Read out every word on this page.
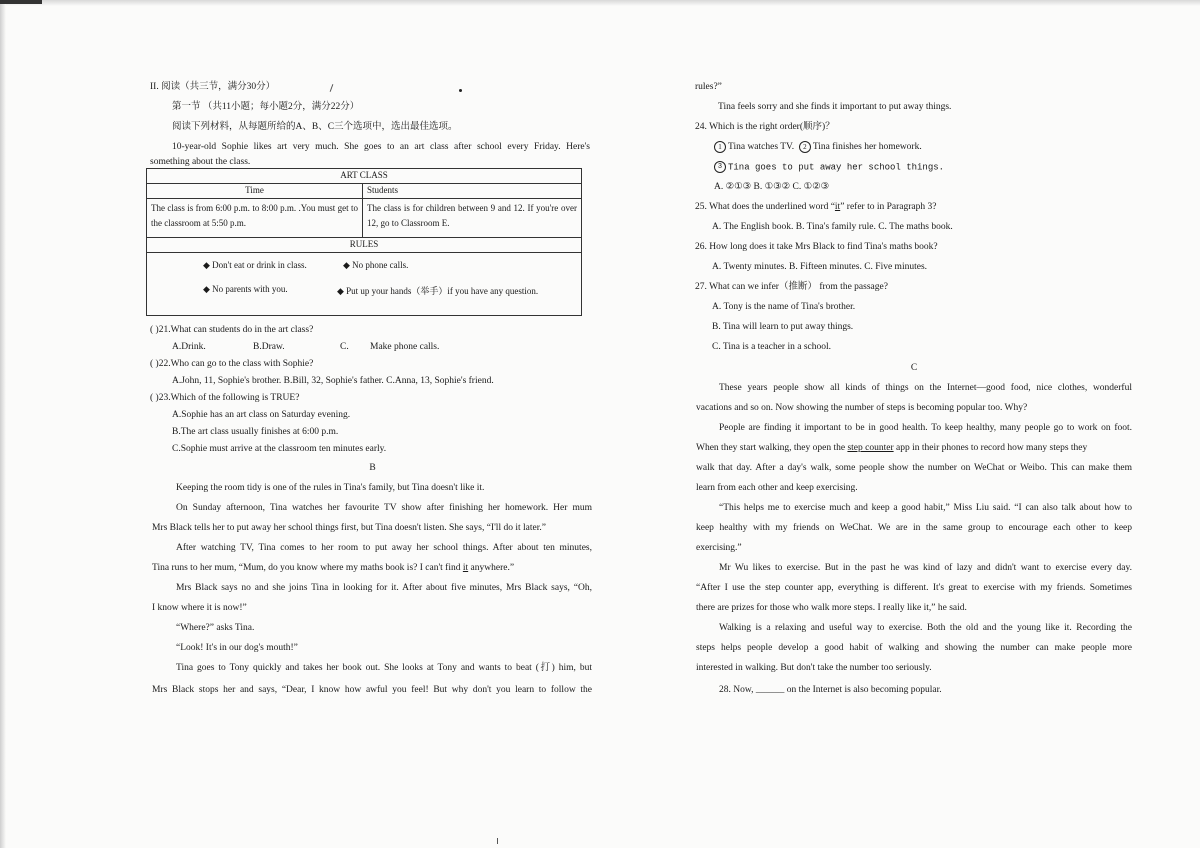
II. 阅读（共三节，满分30分）
第一节 （共11小题；每小题2分，满分22分）
阅读下列材料，从每题所给的A、B、C三个选项中，选出最佳选项。
10-year-old Sophie likes art very much. She goes to an art class after school every Friday. Here's
something about the class.
ART CLASS	
Time	Students
The class is from 6:00 p.m. to 8:00 p.m. .You must get to the classroom at 5:50 p.m.	The class is for children between 9 and 12. If you're over 12, go to Classroom E.
RULES	

◆ Don't eat or drink in class. ◆ No phone calls.
◆ No parents with you. ◆ Put up your hands（举手）if you have any question.	
( )21.What can students do in the art class?
A.Drink.	B.Draw.	C. Make phone calls.
( )22.Who can go to the class with Sophie?
A.John, 11, Sophie's brother. B.Bill, 32, Sophie's father. C.Anna, 13, Sophie's friend.
( )23.Which of the following is TRUE?
A.Sophie has an art class on Saturday evening.
B.The art class usually finishes at 6:00 p.m.
C.Sophie must arrive at the classroom ten minutes early.
B
Keeping the room tidy is one of the rules in Tina's family, but Tina doesn't like it.
On Sunday afternoon, Tina watches her favourite TV show after finishing her homework. Her mum
Mrs Black tells her to put away her school things first, but Tina doesn't listen. She says, “I'll do it later.”
After watching TV, Tina comes to her room to put away her school things. After about ten minutes,
Tina runs to her mum, “Mum, do you know where my maths book is? I can't find it anywhere.”
Mrs Black says no and she joins Tina in looking for it. After about five minutes, Mrs Black says, “Oh,
I know where it is now!”
“Where?” asks Tina.
“Look! It's in our dog's mouth!”
Tina goes to Tony quickly and takes her book out. She looks at Tony and wants to beat (打) him, but
Mrs Black stops her and says, “Dear, I know how awful you feel! But why don't you learn to follow the
rules?”
Tina feels sorry and she finds it important to put away things.
24. Which is the right order(顺序)？
1 Tina watches TV. 2 Tina finishes her homework.
3 Tina goes to put away her school things.
A. ②①③ B. ①③② C. ①②③
25. What does the underlined word “it” refer to in Paragraph 3?
A. The English book. B. Tina's family rule. C. The maths book.
26. How long does it take Mrs Black to find Tina's maths book?
A. Twenty minutes. B. Fifteen minutes. C. Five minutes.
27. What can we infer（推断） from the passage?
A. Tony is the name of Tina's brother.
B. Tina will learn to put away things.
C. Tina is a teacher in a school.
C
These years people show all kinds of things on the Internet—good food, nice clothes, wonderful
vacations and so on. Now showing the number of steps is becoming popular too. Why?
People are finding it important to be in good health. To keep healthy, many people go to work on foot.
When they start walking, they open the step counter app in their phones to record how many steps they
walk that day. After a day's walk, some people show the number on WeChat or Weibo. This can make them
learn from each other and keep exercising.
“This helps me to exercise much and keep a good habit,” Miss Liu said. “I can also talk about how to
keep healthy with my friends on WeChat. We are in the same group to encourage each other to keep
exercising.”
Mr Wu likes to exercise. But in the past he was kind of lazy and didn't want to exercise every day.
“After I use the step counter app, everything is different. It's great to exercise with my friends. Sometimes
there are prizes for those who walk more steps. I really like it,” he said.
Walking is a relaxing and useful way to exercise. Both the old and the young like it. Recording the
steps helps people develop a good habit of walking and showing the number can make people more
interested in walking. But don't take the number too seriously.
28. Now, ______ on the Internet is also becoming popular.
